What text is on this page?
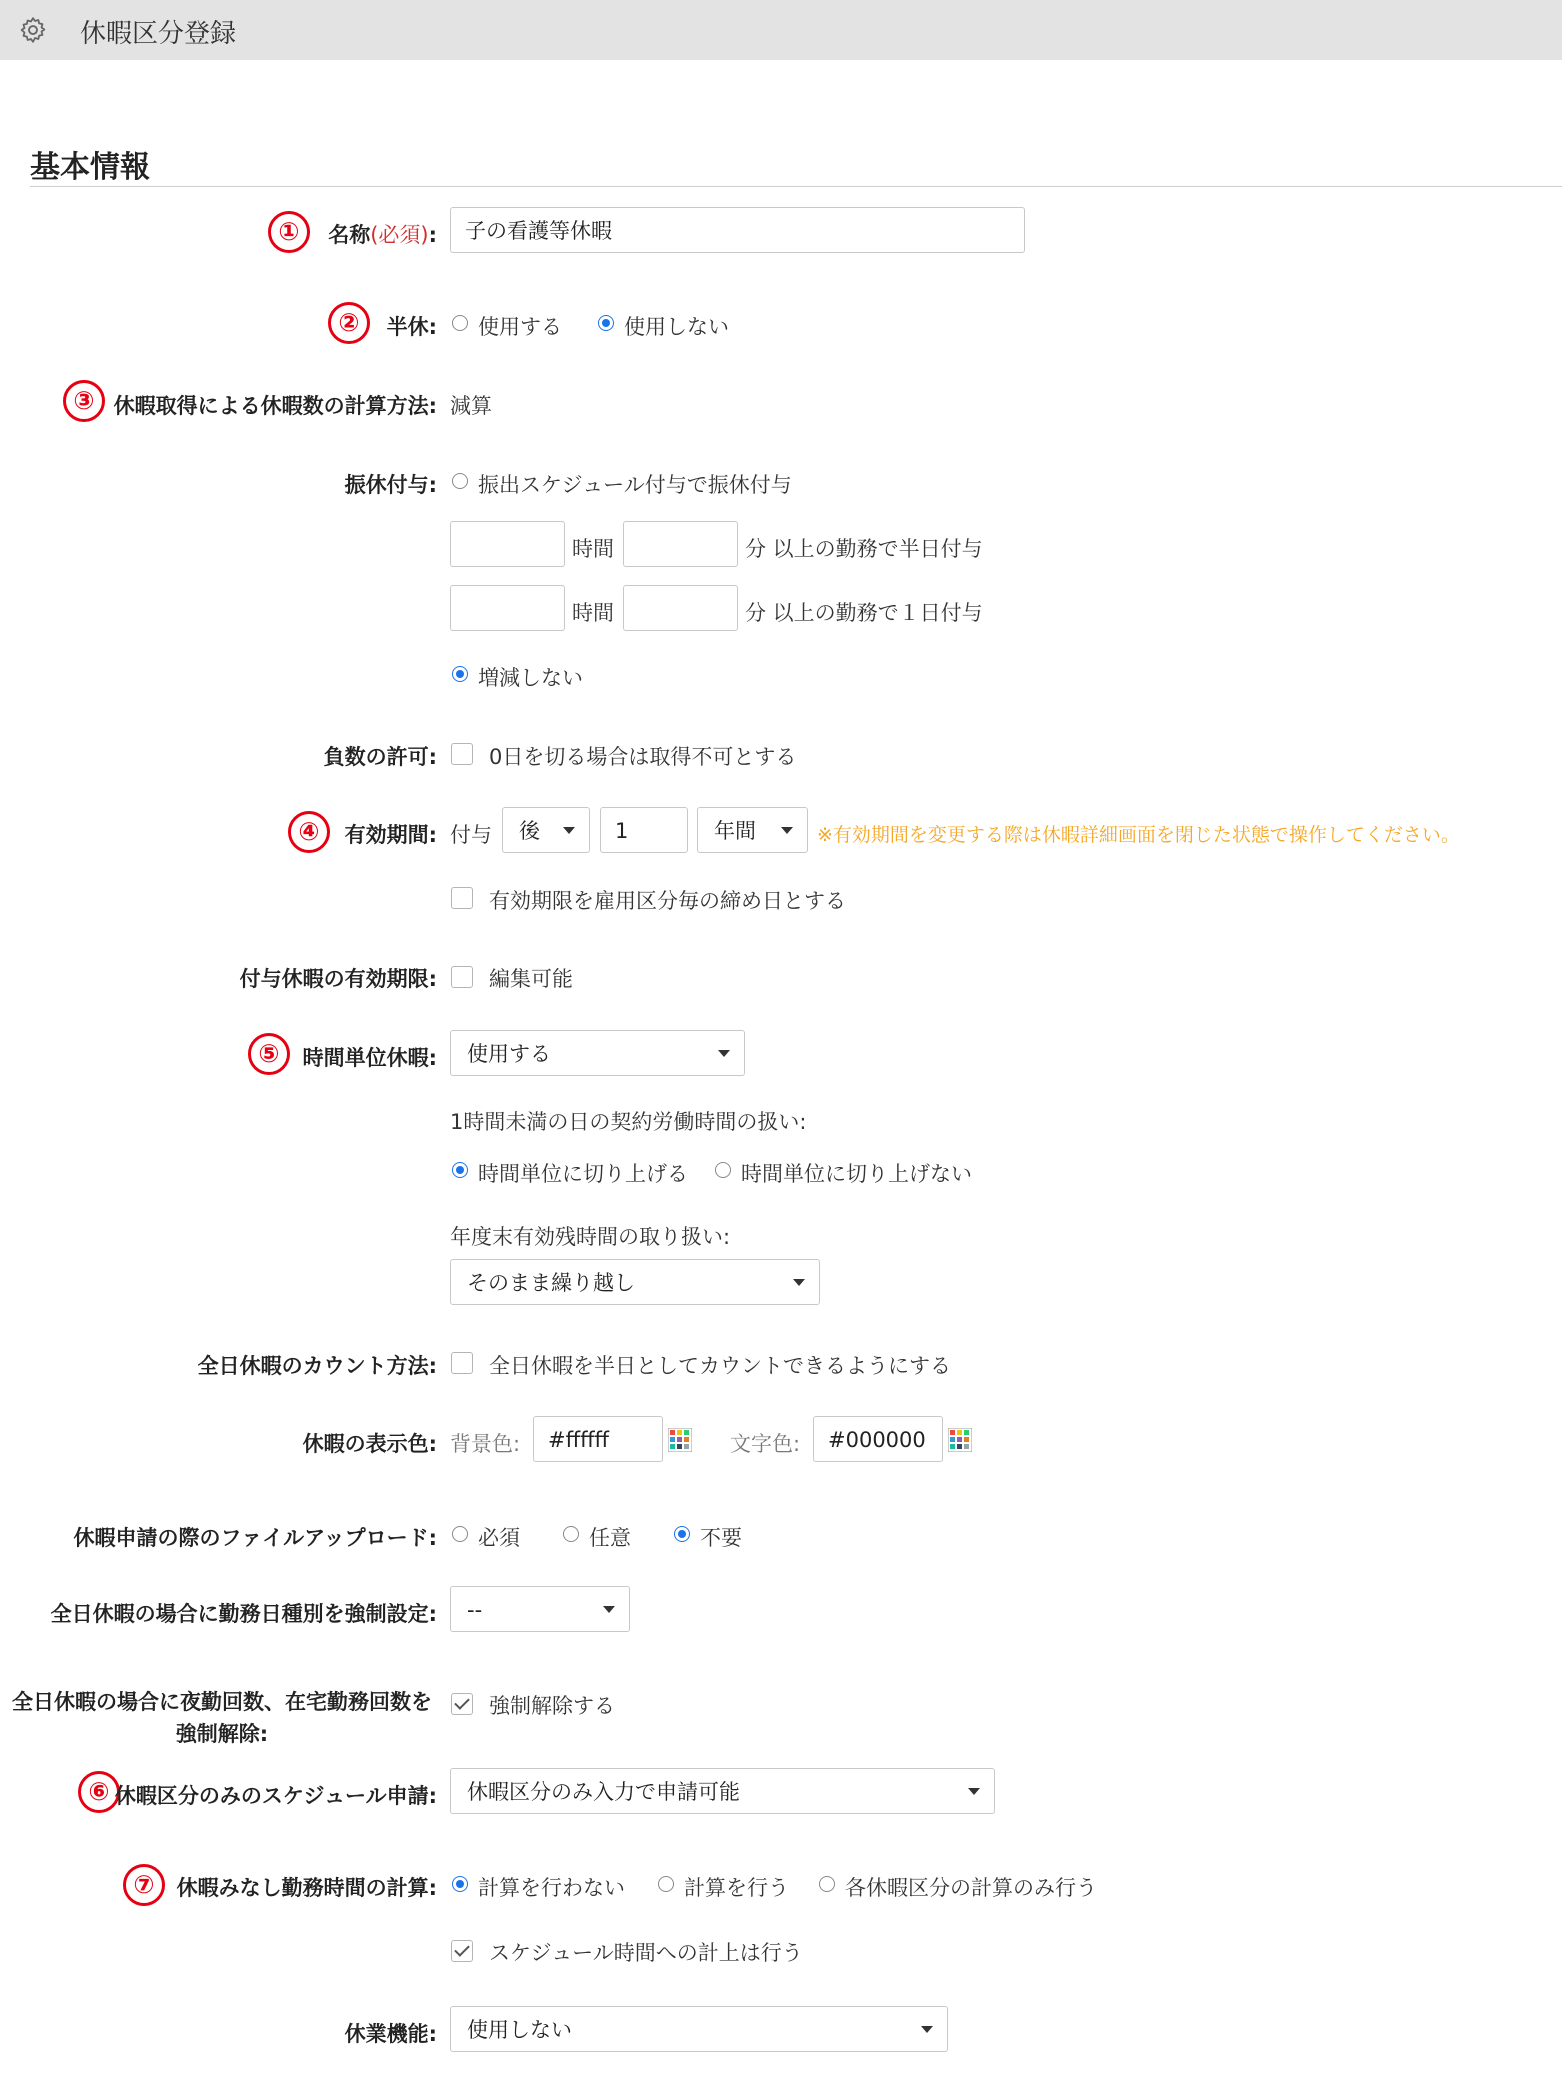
休暇区分登録
基本情報
①	名称(必須):	子の看護等休暇
②	半休: 使用する	使用しない
③ 休暇取得による休暇数の計算方法: 減算
振休付与: 振出スケジュール付与で振休付与
時間	分 以上の勤務で半日付与
時間	分 以上の勤務で１日付与
増減しない
負数の許可: 0日を切る場合は取得不可とする
④	有効期間: 付与	後	1	年間	※有効期間を変更する際は休暇詳細画面を閉じた状態で操作してください。
有効期限を雇用区分毎の締め日とする
付与休暇の有効期限: 編集可能
⑤	時間単位休暇:	使用する
1時間未満の日の契約労働時間の扱い:
時間単位に切り上げる	時間単位に切り上げない
年度末有効残時間の取り扱い:
そのまま繰り越し
全日休暇のカウント方法: 全日休暇を半日としてカウントできるようにする
休暇の表示色: 背景色:	#ffffff	文字色:	#000000
休暇申請の際のファイルアップロード: 必須	任意	不要
全日休暇の場合に勤務日種別を強制設定:	--
全日休暇の場合に夜勤回数、在宅勤務回数を強制解除:
強制解除する
⑥ 休暇区分のみのスケジュール申請:	休暇区分のみ入力で申請可能
⑦	休暇みなし勤務時間の計算: 計算を行わない	計算を行う	各休暇区分の計算のみ行う
スケジュール時間への計上は行う
休業機能:	使用しない
